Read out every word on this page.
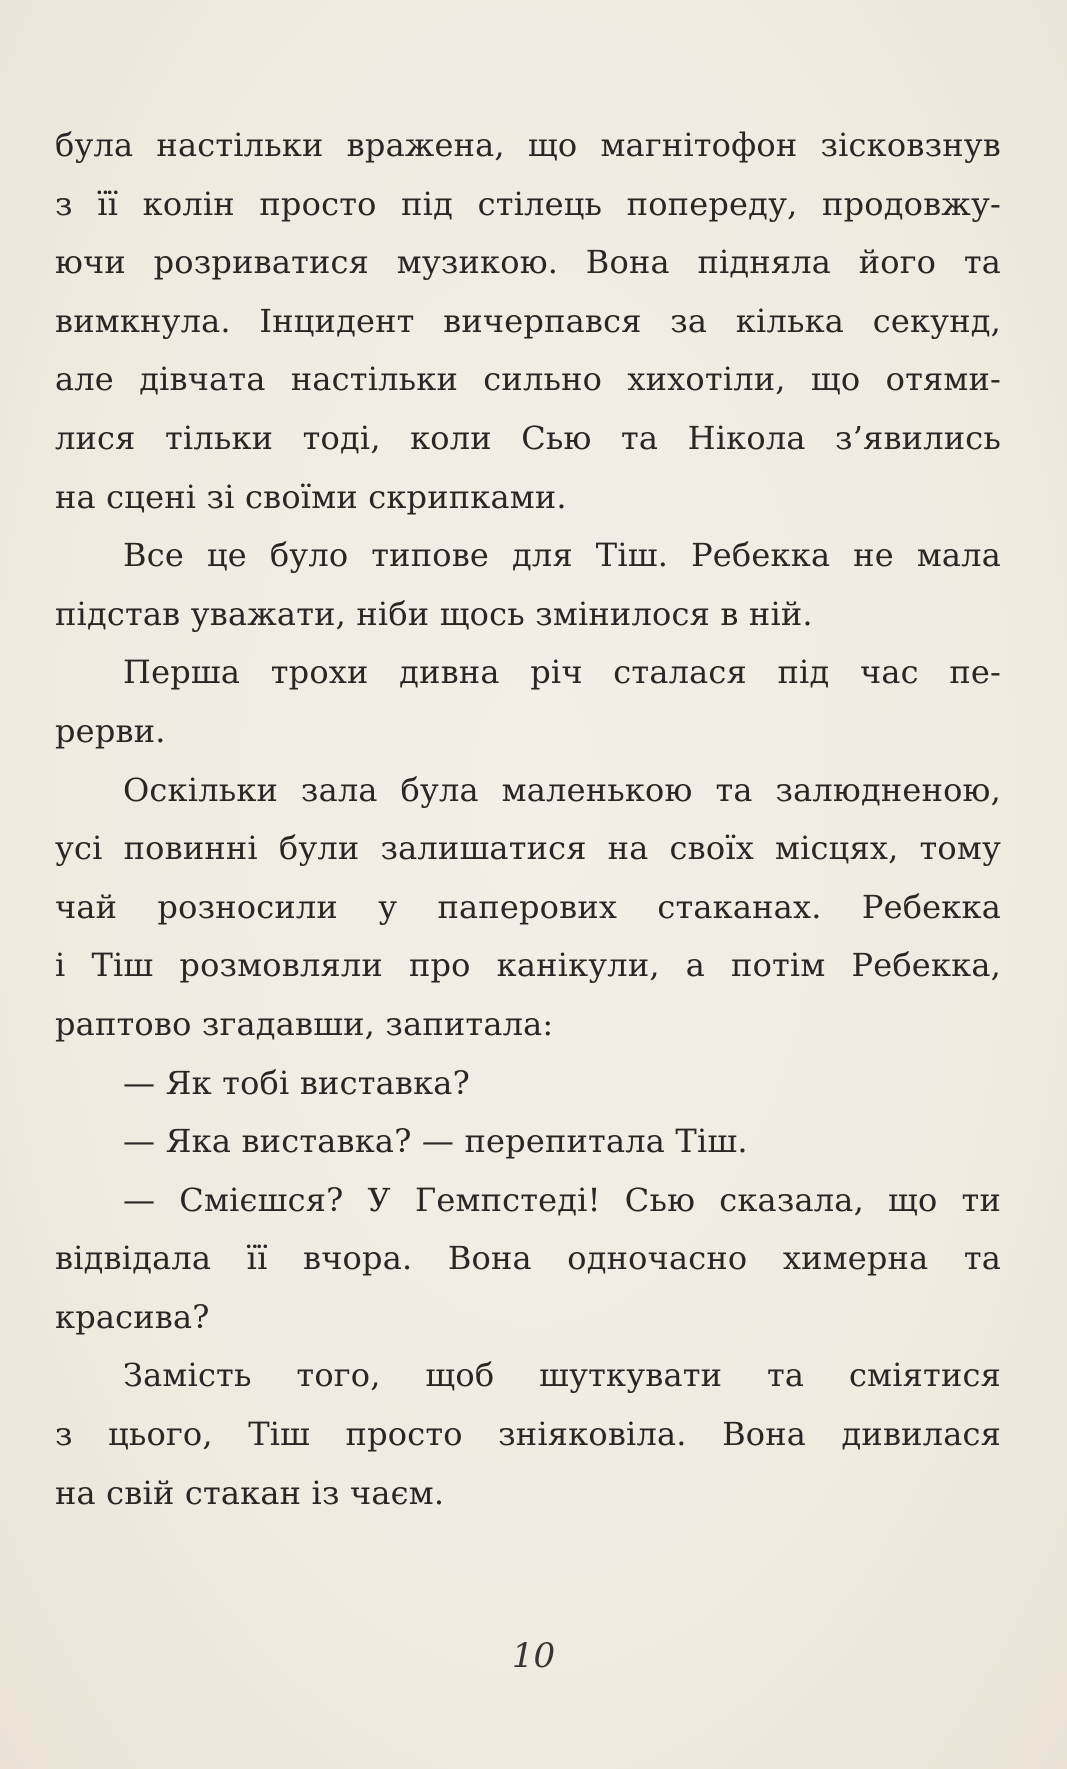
була настільки вражена, що магнітофон зісковзнув
з її колін просто під стілець попереду, продовжу-
ючи розриватися музикою. Вона підняла його та
вимкнула. Інцидент вичерпався за кілька секунд,
але дівчата настільки сильно хихотіли, що отями-
лися тільки тоді, коли Сью та Нікола з’явились
на сцені зі своїми скрипками.

Все це було типове для Тіш. Ребекка не мала
підстав уважати, ніби щось змінилося в ній.

Перша трохи дивна річ сталася під час пе-
рерви.

Оскільки зала була маленькою та залюдненою,
усі повинні були залишатися на своїх місцях, тому
чай розносили у паперових стаканах. Ребекка
і Тіш розмовляли про канікули, а потім Ребекка,
раптово згадавши, запитала:

— Як тобі виставка?

— Яка виставка? — перепитала Тіш.

— Смієшся? У Гемпстеді! Сью сказала, що ти
відвідала її вчора. Вона одночасно химерна та
красива?

Замість того, щоб шуткувати та сміятися
з цього, Тіш просто зніяковіла. Вона дивилася
на свій стакан із чаєм.

10
